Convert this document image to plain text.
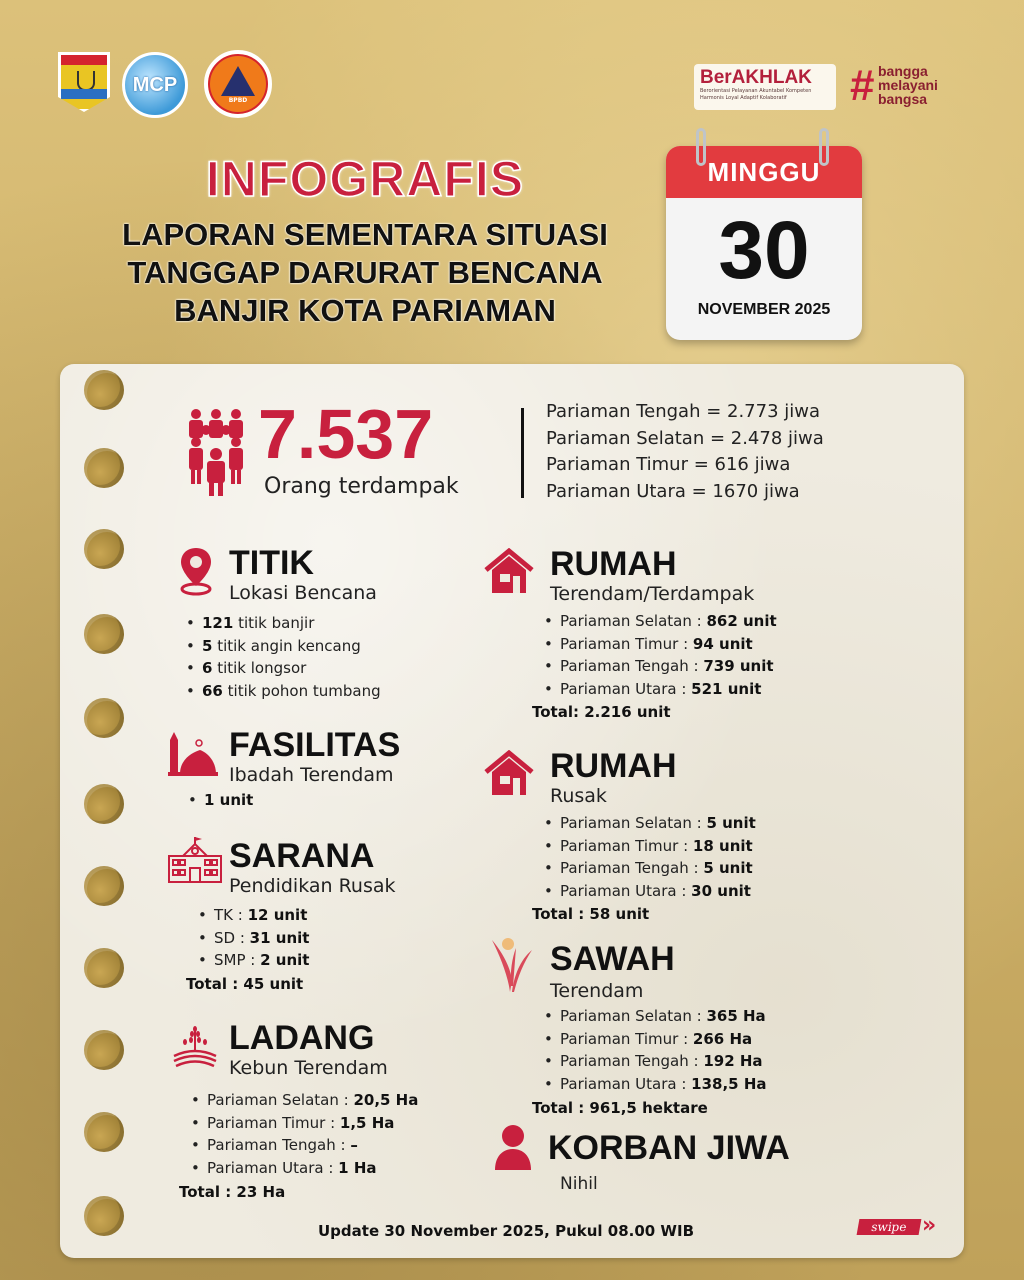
MCP
BPBD
BerAKHLAK
Berorientasi Pelayanan Akuntabel Kompeten Harmonis Loyal Adaptif Kolaboratif	# bangga
melayani
bangsa
INFOGRAFIS
LAPORAN SEMENTARA SITUASI
TANGGAP DARURAT BENCANA
BANJIR KOTA PARIAMAN
MINGGU
30
NOVEMBER 2025
7.537
Orang terdampak
Pariaman Tengah = 2.773 jiwa
Pariaman Selatan = 2.478 jiwa
Pariaman Timur = 616 jiwa
Pariaman Utara = 1670 jiwa
TITIK
Lokasi Bencana
• 121 titik banjir
• 5 titik angin kencang
• 6 titik longsor
• 66 titik pohon tumbang
FASILITAS
Ibadah Terendam
• 1 unit
SARANA
Pendidikan Rusak
• TK : 12 unit
• SD : 31 unit
• SMP : 2 unit
Total : 45 unit
LADANG
Kebun Terendam
• Pariaman Selatan : 20,5 Ha
• Pariaman Timur : 1,5 Ha
• Pariaman Tengah : –
• Pariaman Utara : 1 Ha
Total : 23 Ha
RUMAH
Terendam/Terdampak
• Pariaman Selatan : 862 unit
• Pariaman Timur : 94 unit
• Pariaman Tengah : 739 unit
• Pariaman Utara : 521 unit
Total: 2.216 unit
RUMAH
Rusak
• Pariaman Selatan : 5 unit
• Pariaman Timur : 18 unit
• Pariaman Tengah : 5 unit
• Pariaman Utara : 30 unit
Total : 58 unit
SAWAH
Terendam
• Pariaman Selatan : 365 Ha
• Pariaman Timur : 266 Ha
• Pariaman Tengah : 192 Ha
• Pariaman Utara : 138,5 Ha
Total : 961,5 hektare
KORBAN JIWA
Nihil
Update 30 November 2025, Pukul 08.00 WIB	swipe »
